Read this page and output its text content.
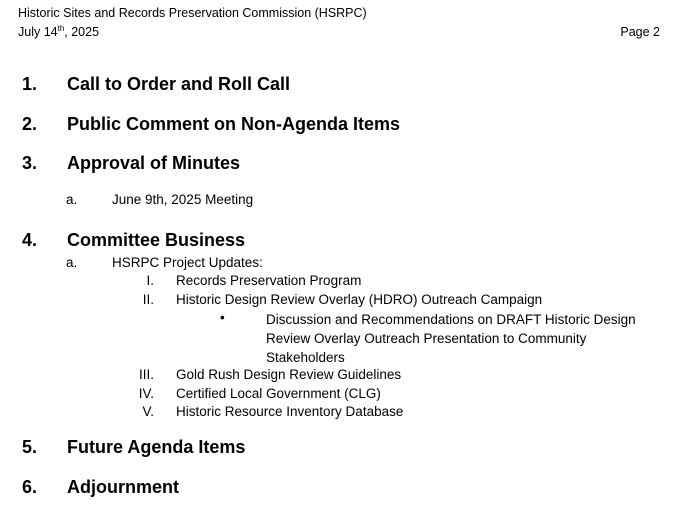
Historic Sites and Records Preservation Commission (HSRPC)
July 14th, 2025	Page 2
1. Call to Order and Roll Call
2. Public Comment on Non-Agenda Items
3. Approval of Minutes
a.	June 9th, 2025 Meeting
4. Committee Business
a.	HSRPC Project Updates:
I. Records Preservation Program
II. Historic Design Review Overlay (HDRO) Outreach Campaign
•	Discussion and Recommendations on DRAFT Historic Design Review Overlay Outreach Presentation to Community Stakeholders
III. Gold Rush Design Review Guidelines
IV. Certified Local Government (CLG)
V. Historic Resource Inventory Database
5. Future Agenda Items
6. Adjournment
